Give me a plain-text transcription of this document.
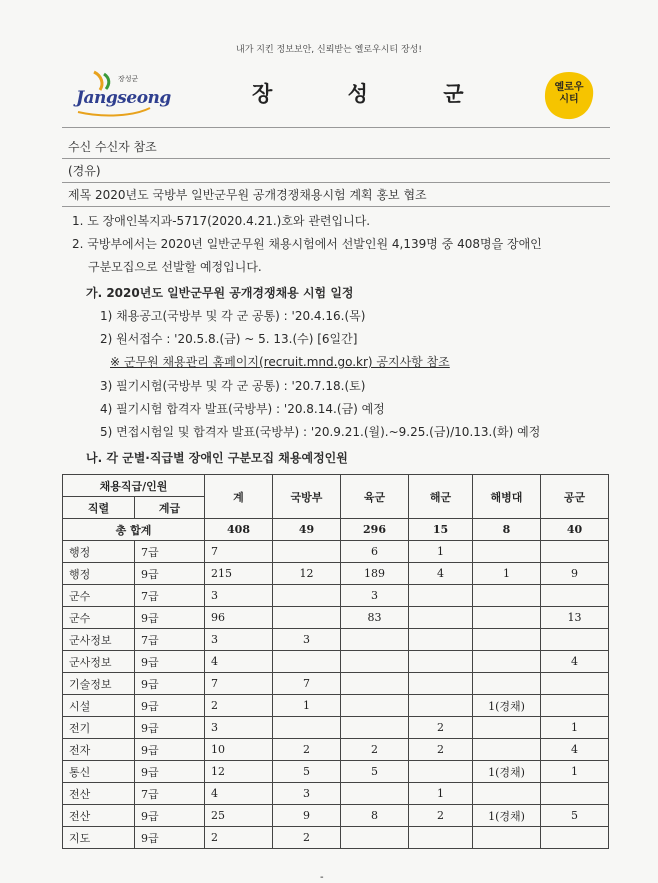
내가 지킨 정보보안, 신뢰받는 옐로우시티 장성!
장성군
Jangseong	장 성 군	옐로우
시티
수신 수신자 참조
(경유)
제목 2020년도 국방부 일반군무원 공개경쟁채용시험 계획 홍보 협조
1. 도 장애인복지과-5717(2020.4.21.)호와 관련입니다.
2. 국방부에서는 2020년 일반군무원 채용시험에서 선발인원 4,139명 중 408명을 장애인
구분모집으로 선발할 예정입니다.
가. 2020년도 일반군무원 공개경쟁채용 시험 일정
1) 채용공고(국방부 및 각 군 공통) : '20.4.16.(목)
2) 원서접수 : '20.5.8.(금) ~ 5. 13.(수) [6일간]
※ 군무원 채용관리 홈페이지(recruit.mnd.go.kr) 공지사항 참조
3) 필기시험(국방부 및 각 군 공통) : '20.7.18.(토)
4) 필기시험 합격자 발표(국방부) : '20.8.14.(금) 예정
5) 면접시험일 및 합격자 발표(국방부) : '20.9.21.(월).~9.25.(금)/10.13.(화) 예정
나. 각 군별·직급별 장애인 구분모집 채용예정인원
채용직급/인원		계	국방부	육군	해군	해병대	공군
직렬	계급						
총 합계		408	49	296	15	8	40
행정	7급	7		6	1		
행정	9급	215	12	189	4	1	9
군수	7급	3		3			
군수	9급	96		83			13
군사정보	7급	3	3				
군사정보	9급	4					4
기술정보	9급	7	7				
시설	9급	2	1			1(경채)	
전기	9급	3			2		1
전자	9급	10	2	2	2		4
통신	9급	12	5	5		1(경채)	1
전산	7급	4	3		1		
전산	9급	25	9	8	2	1(경채)	5
지도	9급	2	2				
-
